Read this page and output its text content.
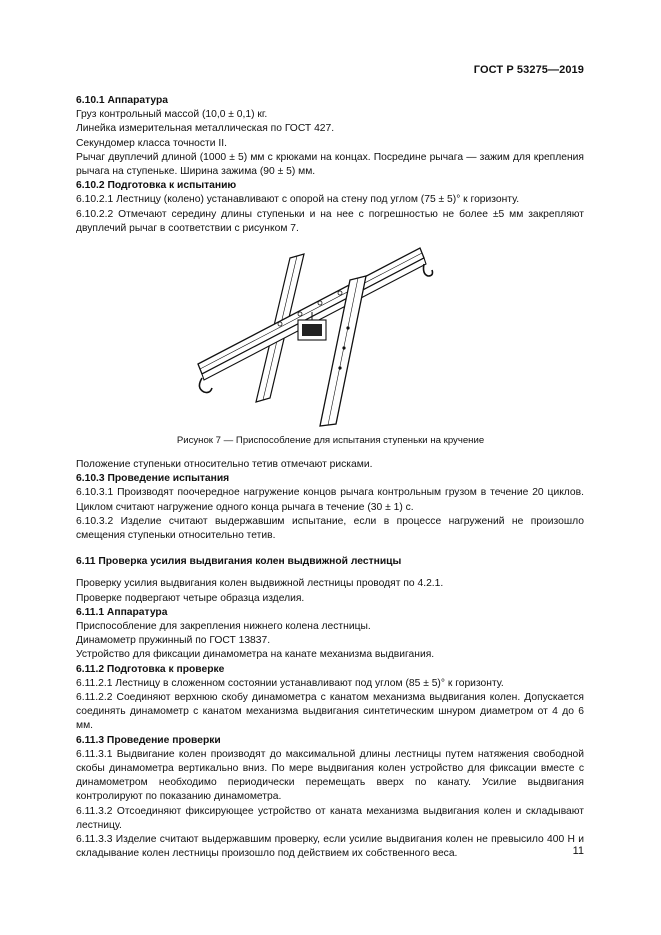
ГОСТ Р 53275—2019

6.10.1 Аппаратура

Груз контрольный массой (10,0 ± 0,1) кг.

Линейка измерительная металлическая по ГОСТ 427.

Секундомер класса точности II.

Рычаг двуплечий длиной (1000 ± 5) мм с крюками на концах. Посредине рычага — зажим для крепления рычага на ступеньке. Ширина зажима (90 ± 5) мм.

6.10.2 Подготовка к испытанию

6.10.2.1 Лестницу (колено) устанавливают с опорой на стену под углом (75 ± 5)° к горизонту.

6.10.2.2 Отмечают середину длины ступеньки и на нее с погрешностью не более ±5 мм закрепляют двуплечий рычаг в соответствии с рисунком 7.

Рисунок 7 — Приспособление для испытания ступеньки на кручение

Положение ступеньки относительно тетив отмечают рисками.

6.10.3 Проведение испытания

6.10.3.1 Производят поочередное нагружение концов рычага контрольным грузом в течение 20 циклов. Циклом считают нагружение одного конца рычага в течение (30 ± 1) с.

6.10.3.2 Изделие считают выдержавшим испытание, если в процессе нагружений не произошло смещения ступеньки относительно тетив.

6.11 Проверка усилия выдвигания колен выдвижной лестницы

Проверку усилия выдвигания колен выдвижной лестницы проводят по 4.2.1.

Проверке подвергают четыре образца изделия.

6.11.1 Аппаратура

Приспособление для закрепления нижнего колена лестницы.

Динамометр пружинный по ГОСТ 13837.

Устройство для фиксации динамометра на канате механизма выдвигания.

6.11.2 Подготовка к проверке

6.11.2.1 Лестницу в сложенном состоянии устанавливают под углом (85 ± 5)° к горизонту.

6.11.2.2 Соединяют верхнюю скобу динамометра с канатом механизма выдвигания колен. Допускается соединять динамометр с канатом механизма выдвигания синтетическим шнуром диаметром от 4 до 6 мм.

6.11.3 Проведение проверки

6.11.3.1 Выдвигание колен производят до максимальной длины лестницы путем натяжения свободной скобы динамометра вертикально вниз. По мере выдвигания колен устройство для фиксации вместе с динамометром необходимо периодически перемещать вверх по канату. Усилие выдвигания контролируют по показанию динамометра.

6.11.3.2 Отсоединяют фиксирующее устройство от каната механизма выдвигания колен и складывают лестницу.

6.11.3.3 Изделие считают выдержавшим проверку, если усилие выдвигания колен не превысило 400 Н и складывание колен лестницы произошло под действием их собственного веса.	11
